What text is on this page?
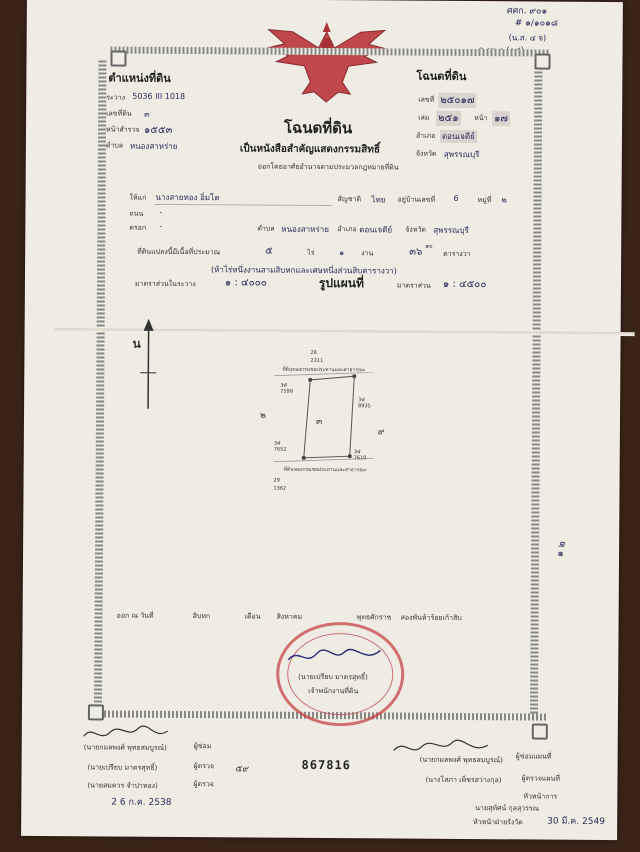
ศศก. ๙๐๑
# ๑/๑๐๑๘
(น.ส. ๔ จ)
ตำแหน่งที่ดิน	โฉนดที่ดิน
ระวาง 5036 III 1018
เลขที่ดิน ๓
หน้าสำรวจ ๑๕๕๓
ตำบล หนองสาหร่าย
เลขที่ ๒๕๐๑๗
เล่ม ๒๕๑ หน้า ๑๗
อำเภอ ดอนเจดีย์
จังหวัด สุพรรณบุรี
โฉนดที่ดิน
เป็นหนังสือสำคัญแสดงกรรมสิทธิ์
ออกโดยอาศัยอำนาจตามประมวลกฎหมายที่ดิน
ให้แก่ นางสายทอง อิ่มโต	สัญชาติ ไทย อยู่บ้านเลขที่ 6	หมู่ที่ ๒
ถนน -
ตรอก -	ตำบล หนองสาหร่าย อำเภอ ดอนเจดีย์ จังหวัด สุพรรณบุรี
ที่ดินแปลงนี้มีเนื้อที่ประมาณ	๕	ไร่	๑ งาน	๓๖
๑๐
ตารางวา
(ห้าไร่หนึ่งงานสามสิบหกและเศษหนึ่งส่วนสิบตารางวา)
มาตราส่วนในระวาง	๑ : ๔๐๐๐	รูปแผนที่	มาตราส่วน ๑ : ๔๕๐๐
น
28
2311
ที่ดินของกรมชลประทานและสาธารณะ
3ฬ
7599
3ฬ
8935
3ฬ
7652	3ฬ
7610
๓
๒
๙
ที่ดินของกรมชลประทานและสาธารณะ
29
1362
๑ ๒
ออก ณ วันที่	สิบหก	เดือน สิงหาคม	พุทธศักราช สองพันห้าร้อยเก้าสิบ
(นายเปรียบ มาตรสุทธิ์)
เจ้าพนักงานที่ดิน
(นายกมลพงศ์ พุทธสมบูรณ์)	ผู้ซ่อม
(นายเปรียบ มาตรสุทธิ์)	ผู้ตรวจ
(นายสมควร จำปาทอง)	ผู้ตรวจ
2 6 ก.ค. 2538
๕๙	867816	(นายกมลพงศ์ พุทธสมบูรณ์) ผู้ซ่อมแผนที่
(นางโสภา เพ็ชรสว่างกุล)	ผู้ตรวจแผนที่
หัวหน้าการ
นายสุทัศน์ กุลสุวรรณ
หัวหน้าฝ่ายรังวัด	30 มี.ค. 2549
